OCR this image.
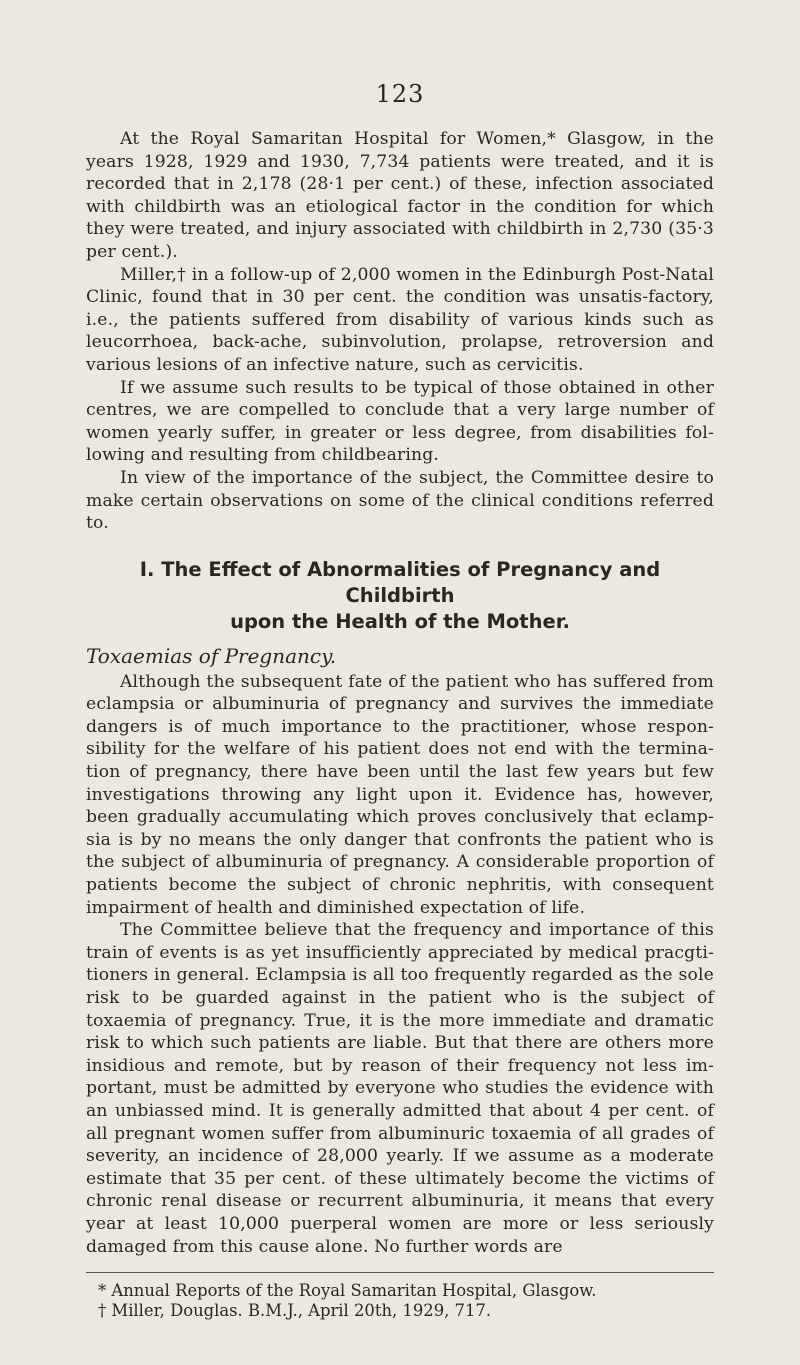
123

At the Royal Samaritan Hospital for Women,* Glasgow, in the years 1928, 1929 and 1930, 7,734 patients were treated, and it is recorded that in 2,178 (28·1 per cent.) of these, infection associated with childbirth was an etiological factor in the condition for which they were treated, and injury associated with childbirth in 2,730 (35·3 per cent.).

Miller,† in a follow-up of 2,000 women in the Edinburgh Post-Natal Clinic, found that in 30 per cent. the condition was unsatis-factory, i.e., the patients suffered from disability of various kinds such as leucorrhoea, back-ache, subinvolution, prolapse, retroversion and various lesions of an infective nature, such as cervicitis.

If we assume such results to be typical of those obtained in other centres, we are compelled to conclude that a very large number of women yearly suffer, in greater or less degree, from disabilities fol-lowing and resulting from childbearing.

In view of the importance of the subject, the Committee desire to make certain observations on some of the clinical conditions referred to.

I. The Effect of Abnormalities of Pregnancy and Childbirth
upon the Health of the Mother.
Toxaemias of Pregnancy.

Although the subsequent fate of the patient who has suffered from eclampsia or albuminuria of pregnancy and survives the immediate dangers is of much importance to the practitioner, whose respon-sibility for the welfare of his patient does not end with the termina-tion of pregnancy, there have been until the last few years but few investigations throwing any light upon it. Evidence has, however, been gradually accumulating which proves conclusively that eclamp-sia is by no means the only danger that confronts the patient who is the subject of albuminuria of pregnancy. A considerable proportion of patients become the subject of chronic nephritis, with consequent impairment of health and diminished expectation of life.

The Committee believe that the frequency and importance of this train of events is as yet insufficiently appreciated by medical pracgti-tioners in general. Eclampsia is all too frequently regarded as the sole risk to be guarded against in the patient who is the subject of toxaemia of pregnancy. True, it is the more immediate and dramatic risk to which such patients are liable. But that there are others more insidious and remote, but by reason of their frequency not less im-portant, must be admitted by everyone who studies the evidence with an unbiassed mind. It is generally admitted that about 4 per cent. of all pregnant women suffer from albuminuric toxaemia of all grades of severity, an incidence of 28,000 yearly. If we assume as a moderate estimate that 35 per cent. of these ultimately become the victims of chronic renal disease or recurrent albuminuria, it means that every year at least 10,000 puerperal women are more or less seriously damaged from this cause alone. No further words are

* Annual Reports of the Royal Samaritan Hospital, Glasgow.

† Miller, Douglas. B.M.J., April 20th, 1929, 717.
